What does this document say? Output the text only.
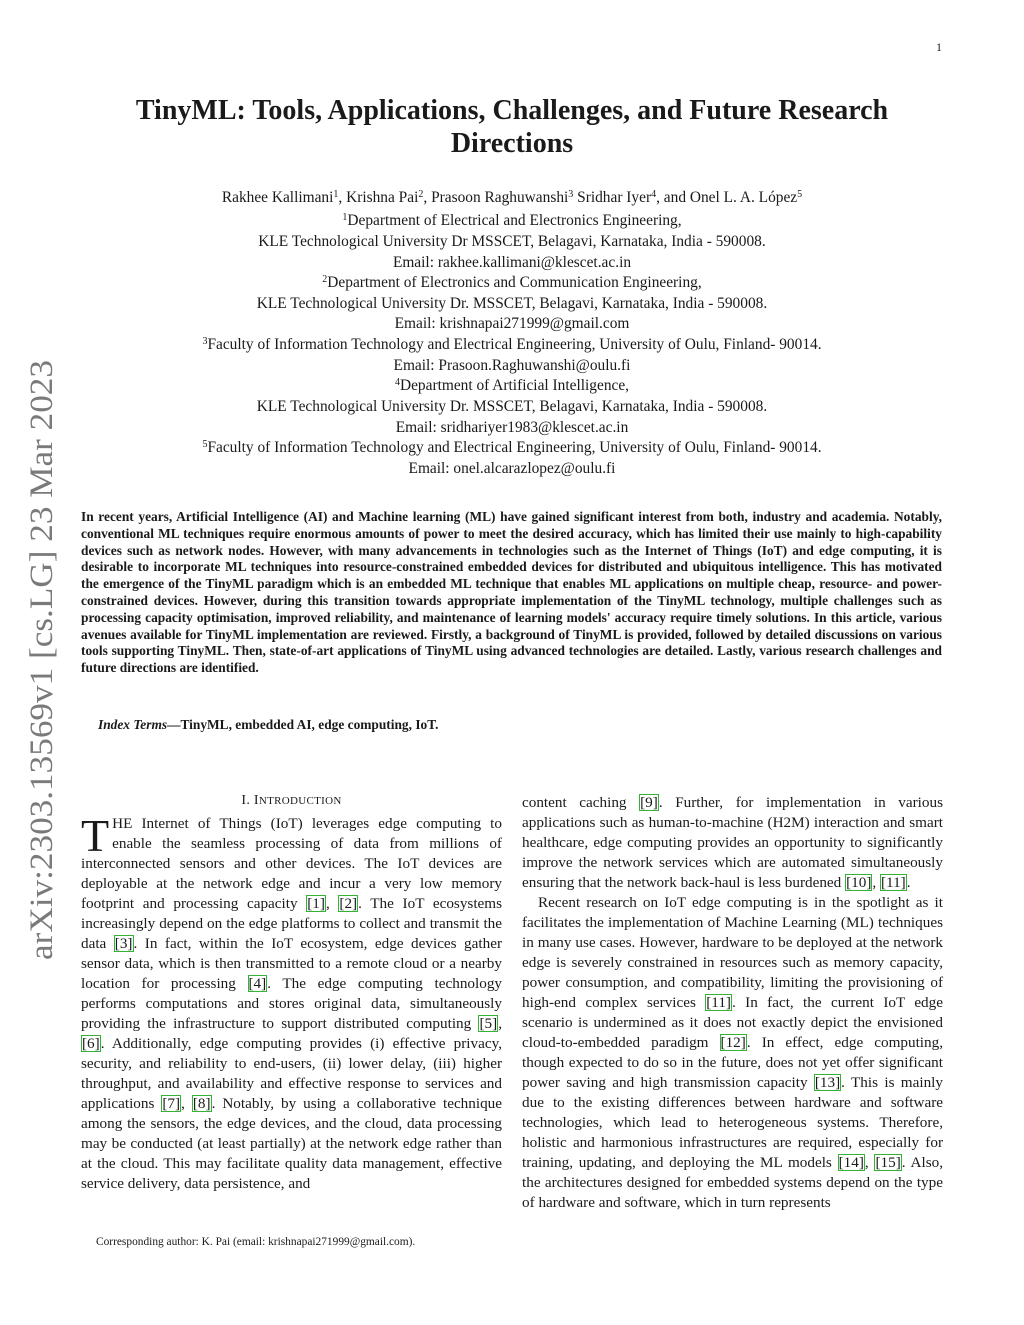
1
arXiv:2303.13569v1 [cs.LG] 23 Mar 2023
TinyML: Tools, Applications, Challenges, and Future Research
Directions
Rakhee Kallimani$^1$, Krishna Pai$^2$, Prasoon Raghuwanshi$^3$ Sridhar Iyer$^4$, and Onel L. A. López$^5$
$^1$Department of Electrical and Electronics Engineering,
KLE Technological University Dr MSSCET, Belagavi, Karnataka, India - 590008.
Email: rakhee.kallimani@klescet.ac.in
$^2$Department of Electronics and Communication Engineering,
KLE Technological University Dr. MSSCET, Belagavi, Karnataka, India - 590008.
Email: krishnapai271999@gmail.com
$^3$Faculty of Information Technology and Electrical Engineering, University of Oulu, Finland- 90014.
Email: Prasoon.Raghuwanshi@oulu.fi
$^4$Department of Artificial Intelligence,
KLE Technological University Dr. MSSCET, Belagavi, Karnataka, India - 590008.
Email: sridhariyer1983@klescet.ac.in
$^5$Faculty of Information Technology and Electrical Engineering, University of Oulu, Finland- 90014.
Email: onel.alcarazlopez@oulu.fi
In recent years, Artificial Intelligence (AI) and Machine learning (ML) have gained significant interest from both, industry and academia. Notably, conventional ML techniques require enormous amounts of power to meet the desired accuracy, which has limited their use mainly to high-capability devices such as network nodes. However, with many advancements in technologies such as the Internet of Things (IoT) and edge computing, it is desirable to incorporate ML techniques into resource-constrained embedded devices for distributed and ubiquitous intelligence. This has motivated the emergence of the TinyML paradigm which is an embedded ML technique that enables ML applications on multiple cheap, resource- and power-constrained devices. However, during this transition towards appropriate implementation of the TinyML technology, multiple challenges such as processing capacity optimisation, improved reliability, and maintenance of learning models' accuracy require timely solutions. In this article, various avenues available for TinyML implementation are reviewed. Firstly, a background of TinyML is provided, followed by detailed discussions on various tools supporting TinyML. Then, state-of-art applications of TinyML using advanced technologies are detailed. Lastly, various research challenges and future directions are identified.
Index Terms—TinyML, embedded AI, edge computing, IoT.
I. INTRODUCTION

THE Internet of Things (IoT) leverages edge computing to enable the seamless processing of data from millions of interconnected sensors and other devices. The IoT devices are deployable at the network edge and incur a very low memory footprint and processing capacity [1], [2]. The IoT ecosystems increasingly depend on the edge platforms to collect and transmit the data [3]. In fact, within the IoT ecosystem, edge devices gather sensor data, which is then transmitted to a remote cloud or a nearby location for processing [4]. The edge computing technology performs computations and stores original data, simultaneously providing the infrastructure to support distributed computing [5], [6]. Additionally, edge computing provides (i) effective privacy, security, and reliability to end-users, (ii) lower delay, (iii) higher throughput, and availability and effective response to services and applications [7], [8]. Notably, by using a collaborative technique among the sensors, the edge devices, and the cloud, data processing may be conducted (at least partially) at the network edge rather than at the cloud. This may facilitate quality data management, effective service delivery, data persistence, and

content caching [9]. Further, for implementation in various applications such as human-to-machine (H2M) interaction and smart healthcare, edge computing provides an opportunity to significantly improve the network services which are automated simultaneously ensuring that the network back-haul is less burdened [10], [11].

Recent research on IoT edge computing is in the spotlight as it facilitates the implementation of Machine Learning (ML) techniques in many use cases. However, hardware to be deployed at the network edge is severely constrained in resources such as memory capacity, power consumption, and compatibility, limiting the provisioning of high-end complex services [11]. In fact, the current IoT edge scenario is undermined as it does not exactly depict the envisioned cloud-to-embedded paradigm [12]. In effect, edge computing, though expected to do so in the future, does not yet offer significant power saving and high transmission capacity [13]. This is mainly due to the existing differences between hardware and software technologies, which lead to heterogeneous systems. Therefore, holistic and harmonious infrastructures are required, especially for training, updating, and deploying the ML models [14], [15]. Also, the architectures designed for embedded systems depend on the type of hardware and software, which in turn represents

Corresponding author: K. Pai (email: krishnapai271999@gmail.com).
